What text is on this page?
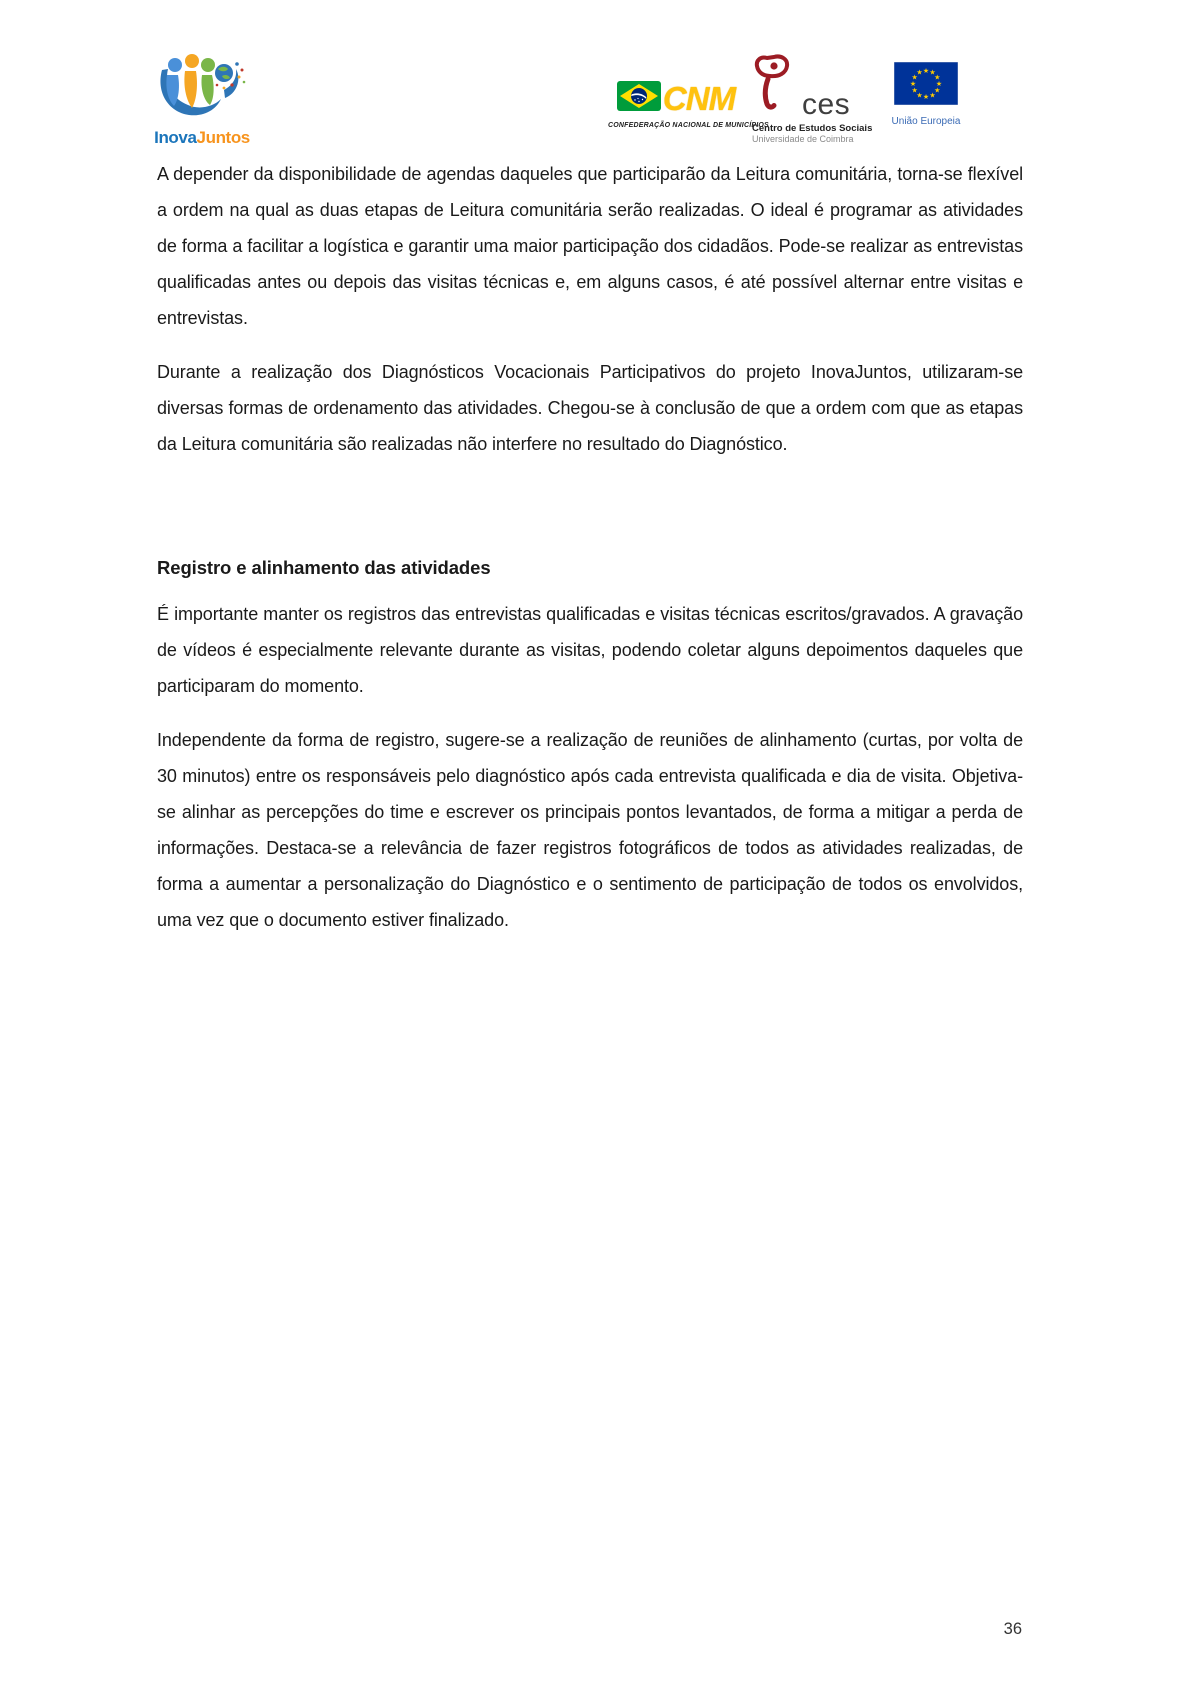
InovaJuntos
CNM
CONFEDERAÇÃO NACIONAL DE MUNICÍPIOS
ces
Centro de Estudos Sociais
Universidade de Coimbra
★ ★
★
★
★
★
★
★
★
★
★
★
União Europeia

A depender da disponibilidade de agendas daqueles que participarão da Leitura comunitária, torna-se flexível a ordem na qual as duas etapas de Leitura comunitária serão realizadas. O ideal é programar as atividades de forma a facilitar a logística e garantir uma maior participação dos cidadãos. Pode-se realizar as entrevistas qualificadas antes ou depois das visitas técnicas e, em alguns casos, é até possível alternar entre visitas e entrevistas.

Durante a realização dos Diagnósticos Vocacionais Participativos do projeto InovaJuntos, utilizaram-se diversas formas de ordenamento das atividades. Chegou-se à conclusão de que a ordem com que as etapas da Leitura comunitária são realizadas não interfere no resultado do Diagnóstico.

Registro e alinhamento das atividades

É importante manter os registros das entrevistas qualificadas e visitas técnicas escritos/gravados. A gravação de vídeos é especialmente relevante durante as visitas, podendo coletar alguns depoimentos daqueles que participaram do momento.

Independente da forma de registro, sugere-se a realização de reuniões de alinhamento (curtas, por volta de 30 minutos) entre os responsáveis pelo diagnóstico após cada entrevista qualificada e dia de visita. Objetiva-se alinhar as percepções do time e escrever os principais pontos levantados, de forma a mitigar a perda de informações. Destaca-se a relevância de fazer registros fotográficos de todos as atividades realizadas, de forma a aumentar a personalização do Diagnóstico e o sentimento de participação de todos os envolvidos, uma vez que o documento estiver finalizado.

36
